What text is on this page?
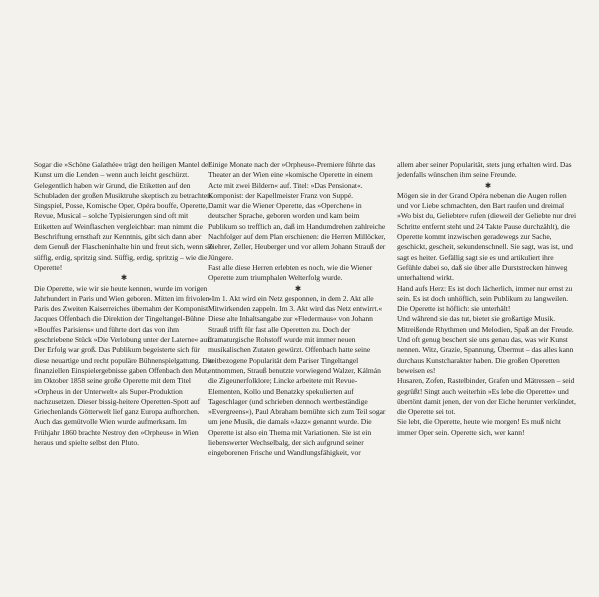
Sogar die »Schöne Galathée« trägt den heiligen Mantel der Kunst um die Lenden – wenn auch leicht geschürzt. Gelegentlich haben wir Grund, die Etiketten auf den Schubladen der großen Musiktruhe skeptisch zu betrachten. Singspiel, Posse, Komische Oper, Opéra bouffe, Operette, Revue, Musical – solche Typisierungen sind oft mit Etiketten auf Weinflaschen vergleichbar: man nimmt die Beschriftung ernsthaft zur Kenntnis, gibt sich dann aber dem Genuß der Flascheninhalte hin und freut sich, wenn sie süffig, erdig, spritzig sind. Süffig, erdig, spritzig – wie die Operette!

✱

Die Operette, wie wir sie heute kennen, wurde im vorigen Jahrhundert in Paris und Wien geboren. Mitten im frivolen Paris des Zweiten Kaiserreiches übernahm der Komponist Jacques Offenbach die Direktion der Tingeltangel-Bühne »Bouffes Parisiens« und führte dort das von ihm geschriebene Stück »Die Verlobung unter der Laterne« auf.

Der Erfolg war groß. Das Publikum begeisterte sich für diese neuartige und recht populäre Bühnenspielgattung. Die finanziellen Einspielergebnisse gaben Offenbach den Mut, im Oktober 1858 seine große Operette mit dem Titel »Orpheus in der Unterwelt« als Super-Produktion nachzusetzen. Dieser bissig-heitere Operetten-Spott auf Griechenlands Götterwelt lief ganz Europa aufhorchen. Auch das gemütvolle Wien wurde aufmerksam. Im Frühjahr 1860 brachte Nestroy den »Orpheus« in Wien heraus und spielte selbst den Pluto.

Einige Monate nach der »Orpheus«-Premiere führte das Theater an der Wien eine »komische Operette in einem Acte mit zwei Bildern« auf. Titel: »Das Pensionat«. Komponist: der Kapellmeister Franz von Suppé.

Damit war die Wiener Operette, das »Operchen« in deutscher Sprache, geboren worden und kam beim Publikum so trefflich an, daß im Handumdrehen zahlreiche Nachfolger auf dem Plan erschienen: die Herren Millöcker, Ziehrer, Zeller, Heuberger und vor allem Johann Strauß der Jüngere.

Fast alle diese Herren erlebten es noch, wie die Wiener Operette zum triumphalen Welterfolg wurde.

✱

»Im 1. Akt wird ein Netz gesponnen, in dem 2. Akt alle Mitwirkenden zappeln. Im 3. Akt wird das Netz entwirrt.« Diese alte Inhaltsangabe zur »Fledermaus« von Johann Strauß trifft für fast alle Operetten zu. Doch der dramaturgische Rohstoff wurde mit immer neuen musikalischen Zutaten gewürzt. Offenbach hatte seine zeitbezogene Popularität dem Pariser Tingeltangel entnommen, Strauß benutzte vorwiegend Walzer, Kálmán die Zigeunerfolklore; Lincke arbeitete mit Revue-Elementen, Kollo und Benatzky spekulierten auf Tageschlager (und schrieben dennoch wertbeständige »Evergreens«), Paul Abraham bemühte sich zum Teil sogar um jene Musik, die damals »Jazz« genannt wurde. Die Operette ist also ein Thema mit Variationen. Sie ist ein liebenswerter Wechselbalg, der sich aufgrund seiner eingeborenen Frische und Wandlungsfähigkeit, vor

allem aber seiner Popularität, stets jung erhalten wird. Das jedenfalls wünschen ihm seine Freunde.

✱

Mögen sie in der Grand Opéra nebenan die Augen rollen und vor Liebe schmachten, den Bart raufen und dreimal »Wo bist du, Geliebter« rufen (dieweil der Geliebte nur drei Schritte entfernt steht und 24 Takte Pause durchzählt), die Operette kommt inzwischen geradewegs zur Sache, geschickt, gescheit, sekundenschnell. Sie sagt, was ist, und sagt es heiter. Gefällig sagt sie es und artikuliert ihre Gefühle dabei so, daß sie über alle Durststrecken hinweg unterhaltend wirkt.

Hand aufs Herz: Es ist doch lächerlich, immer nur ernst zu sein. Es ist doch unhöflich, sein Publikum zu langweilen.

Die Operette ist höflich: sie unterhält!

Und während sie das tut, bietet sie großartige Musik. Mitreißende Rhythmen und Melodien, Spaß an der Freude. Und oft genug beschert sie uns genau das, was wir Kunst nennen. Witz, Grazie, Spannung, Übermut – das alles kann durchaus Kunstcharakter haben. Die großen Operetten beweisen es!

Husaren, Zofen, Rastelbinder, Grafen und Mätressen – seid gegrüßt! Singt auch weiterhin »Es lebe die Operette« und übertönt damit jenen, der von der Eiche herunter verkündet, die Operette sei tot.

Sie lebt, die Operette, heute wie morgen! Es muß nicht immer Oper sein. Operette sich, wer kann!
